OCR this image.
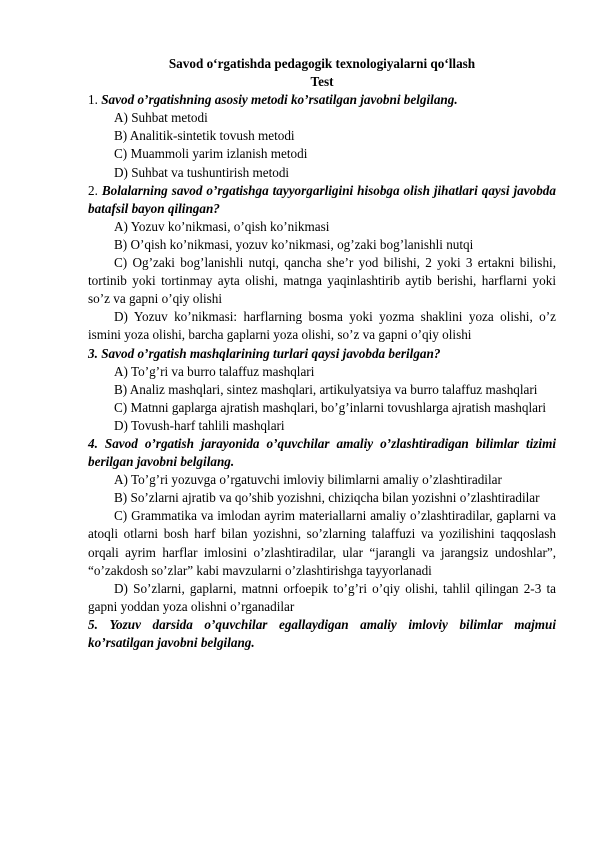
Savod o‘rgatishda pedagogik texnologiyalarni qo‘llash

Test

1. Savod o’rgatishning asosiy metodi ko’rsatilgan javobni belgilang.

A) Suhbat metodi

B) Analitik-sintetik tovush metodi

C) Muammoli yarim izlanish metodi

D) Suhbat va tushuntirish metodi

2. Bolalarning savod o’rgatishga tayyorgarligini hisobga olish jihatlari qaysi javobda batafsil bayon qilingan?

A) Yozuv ko’nikmasi, o’qish ko’nikmasi

B) O’qish ko’nikmasi, yozuv ko’nikmasi, og’zaki bog’lanishli nutqi

C) Og’zaki bog’lanishli nutqi, qancha she’r yod bilishi, 2 yoki 3 ertakni bilishi, tortinib yoki tortinmay ayta olishi, matnga yaqinlashtirib aytib berishi, harflarni yoki so’z va gapni o’qiy olishi

D) Yozuv ko’nikmasi: harflarning bosma yoki yozma shaklini yoza olishi, o’z ismini yoza olishi, barcha gaplarni yoza olishi, so’z va gapni o’qiy olishi

3. Savod o’rgatish mashqlarining turlari qaysi javobda berilgan?

A) To’g’ri va burro talaffuz mashqlari

B) Analiz mashqlari, sintez mashqlari, artikulyatsiya va burro talaffuz mashqlari

C) Matnni gaplarga ajratish mashqlari, bo’g’inlarni tovushlarga ajratish mashqlari

D) Tovush-harf tahlili mashqlari

4. Savod o’rgatish jarayonida o’quvchilar amaliy o’zlashtiradigan bilimlar tizimi berilgan javobni belgilang.

A) To’g’ri yozuvga o’rgatuvchi imloviy bilimlarni amaliy o’zlashtiradilar

B) So’zlarni ajratib va qo’shib yozishni, chiziqcha bilan yozishni o’zlashtiradilar

C) Grammatika va imlodan ayrim materiallarni amaliy o’zlashtiradilar, gaplarni va atoqli otlarni bosh harf bilan yozishni, so’zlarning talaffuzi va yozilishini taqqoslash orqali ayrim harflar imlosini o’zlashtiradilar, ular “jarangli va jarangsiz undoshlar”, “o’zakdosh so’zlar” kabi mavzularni o’zlashtirishga tayyorlanadi

D) So’zlarni, gaplarni, matnni orfoepik to’g’ri o’qiy olishi, tahlil qilingan 2-3 ta gapni yoddan yoza olishni o’rganadilar

5. Yozuv darsida o’quvchilar egallaydigan amaliy imloviy bilimlar majmui ko’rsatilgan javobni belgilang.
